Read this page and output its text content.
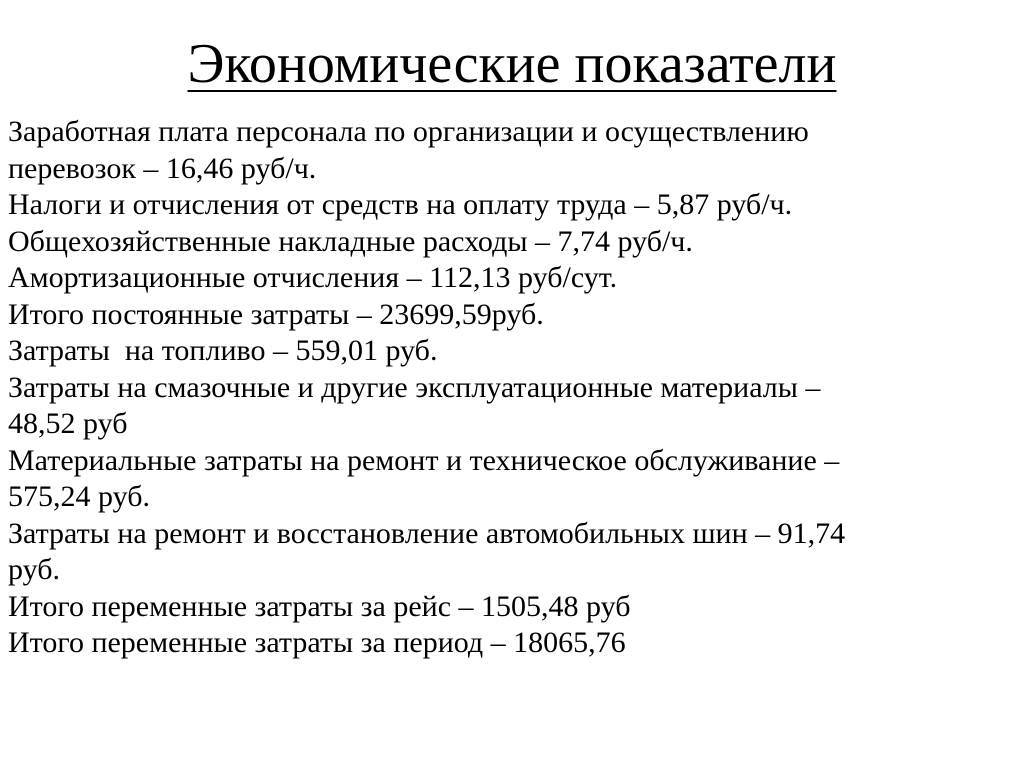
Экономические показатели

Заработная плата персонала по организации и осуществлению

перевозок – 16,46 руб/ч.

Налоги и отчисления от средств на оплату труда – 5,87 руб/ч.

Общехозяйственные накладные расходы – 7,74 руб/ч.

Амортизационные отчисления – 112,13 руб/сут.

Итого постоянные затраты – 23699,59руб.

Затраты  на топливо – 559,01 руб.

Затраты на смазочные и другие эксплуатационные материалы –

48,52 руб

Материальные затраты на ремонт и техническое обслуживание –

575,24 руб.

Затраты на ремонт и восстановление автомобильных шин – 91,74

руб.

Итого переменные затраты за рейс – 1505,48 руб

Итого переменные затраты за период – 18065,76
